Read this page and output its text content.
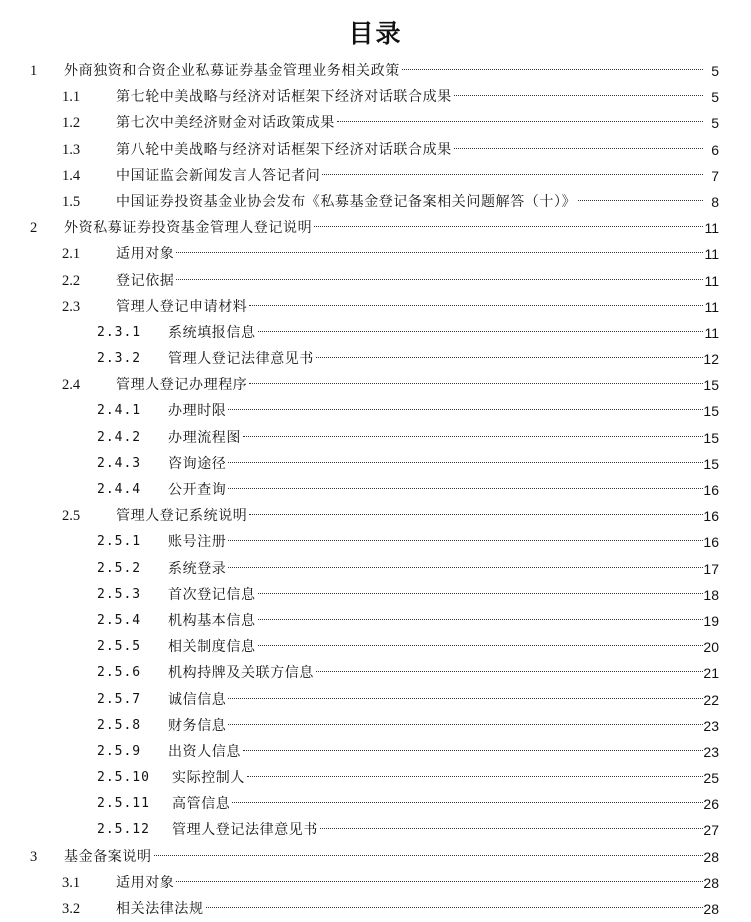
目录
1 外商独资和合资企业私募证券基金管理业务相关政策	5
1.1	第七轮中美战略与经济对话框架下经济对话联合成果	5
1.2	第七次中美经济财金对话政策成果	5
1.3	第八轮中美战略与经济对话框架下经济对话联合成果	6
1.4	中国证监会新闻发言人答记者问	7
1.5	中国证券投资基金业协会发布《私募基金登记备案相关问题解答（十）》	8
2 外资私募证券投资基金管理人登记说明	11
2.1	适用对象	11
2.2	登记依据	11
2.3	管理人登记申请材料	11
2.3.1 系统填报信息	11
2.3.2 管理人登记法律意见书	12
2.4	管理人登记办理程序	15
2.4.1 办理时限	15
2.4.2 办理流程图	15
2.4.3 咨询途径	15
2.4.4 公开查询	16
2.5	管理人登记系统说明	16
2.5.1 账号注册	16
2.5.2 系统登录	17
2.5.3 首次登记信息	18
2.5.4 机构基本信息	19
2.5.5 相关制度信息	20
2.5.6 机构持牌及关联方信息	21
2.5.7 诚信信息	22
2.5.8 财务信息	23
2.5.9 出资人信息	23
2.5.10 实际控制人	25
2.5.11 高管信息	26
2.5.12 管理人登记法律意见书	27
3 基金备案说明	28
3.1	适用对象	28
3.2	相关法律法规	28
